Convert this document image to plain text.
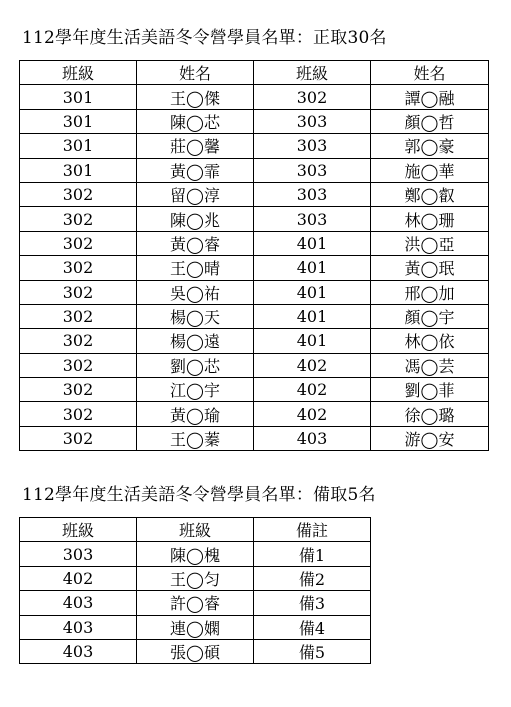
112學年度生活美語冬令營學員名單：正取30名
班級	姓名	班級	姓名
301	王◯傑	302	譚◯融
301	陳◯芯	303	顏◯哲
301	莊◯馨	303	郭◯豪
301	黃◯霏	303	施◯華
302	留◯淳	303	鄭◯叡
302	陳◯兆	303	林◯珊
302	黃◯睿	401	洪◯亞
302	王◯晴	401	黃◯珉
302	吳◯祐	401	邢◯加
302	楊◯天	401	顏◯宇
302	楊◯遠	401	林◯依
302	劉◯芯	402	馮◯芸
302	江◯宇	402	劉◯菲
302	黃◯瑜	402	徐◯璐
302	王◯蓁	403	游◯安
112學年度生活美語冬令營學員名單：備取5名
班級	班級	備註
303	陳◯槐	備1
402	王◯匀	備2
403	許◯睿	備3
403	連◯嫻	備4
403	張◯碩	備5
